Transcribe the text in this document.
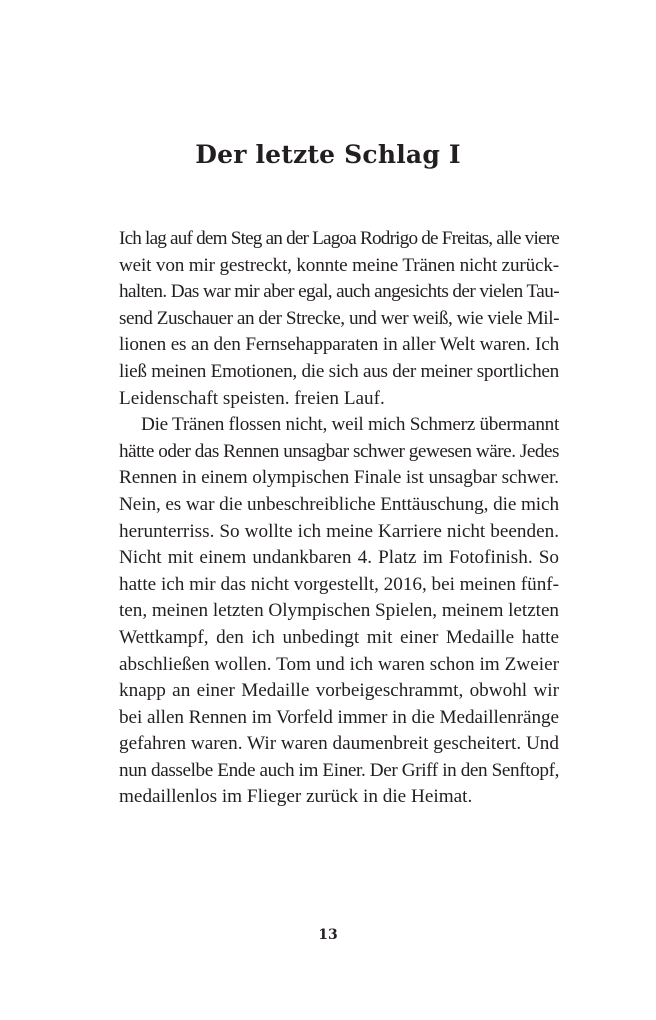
Der letzte Schlag I

Ich lag auf dem Steg an der Lagoa Rodrigo de Freitas, alle viere
weit von mir gestreckt, konnte meine Tränen nicht zurück-
halten. Das war mir aber egal, auch angesichts der vielen Tau-
send Zuschauer an der Strecke, und wer weiß, wie viele Mil-
lionen es an den Fernsehapparaten in aller Welt waren. Ich
ließ meinen Emotionen, die sich aus der meiner sportlichen
Leidenschaft speisten. freien Lauf.

Die Tränen flossen nicht, weil mich Schmerz übermannt
hätte oder das Rennen unsagbar schwer gewesen wäre. Jedes
Rennen in einem olympischen Finale ist unsagbar schwer.
Nein, es war die unbeschreibliche Enttäuschung, die mich
herunterriss. So wollte ich meine Karriere nicht beenden.
Nicht mit einem undankbaren 4. Platz im Fotofinish. So
hatte ich mir das nicht vorgestellt, 2016, bei meinen fünf-
ten, meinen letzten Olympischen Spielen, meinem letzten
Wettkampf, den ich unbedingt mit einer Medaille hatte
abschließen wollen. Tom und ich waren schon im Zweier
knapp an einer Medaille vorbeigeschrammt, obwohl wir
bei allen Rennen im Vorfeld immer in die Medaillenränge
gefahren waren. Wir waren daumenbreit gescheitert. Und
nun dasselbe Ende auch im Einer. Der Griff in den Senftopf,
medaillenlos im Flieger zurück in die Heimat.

13
